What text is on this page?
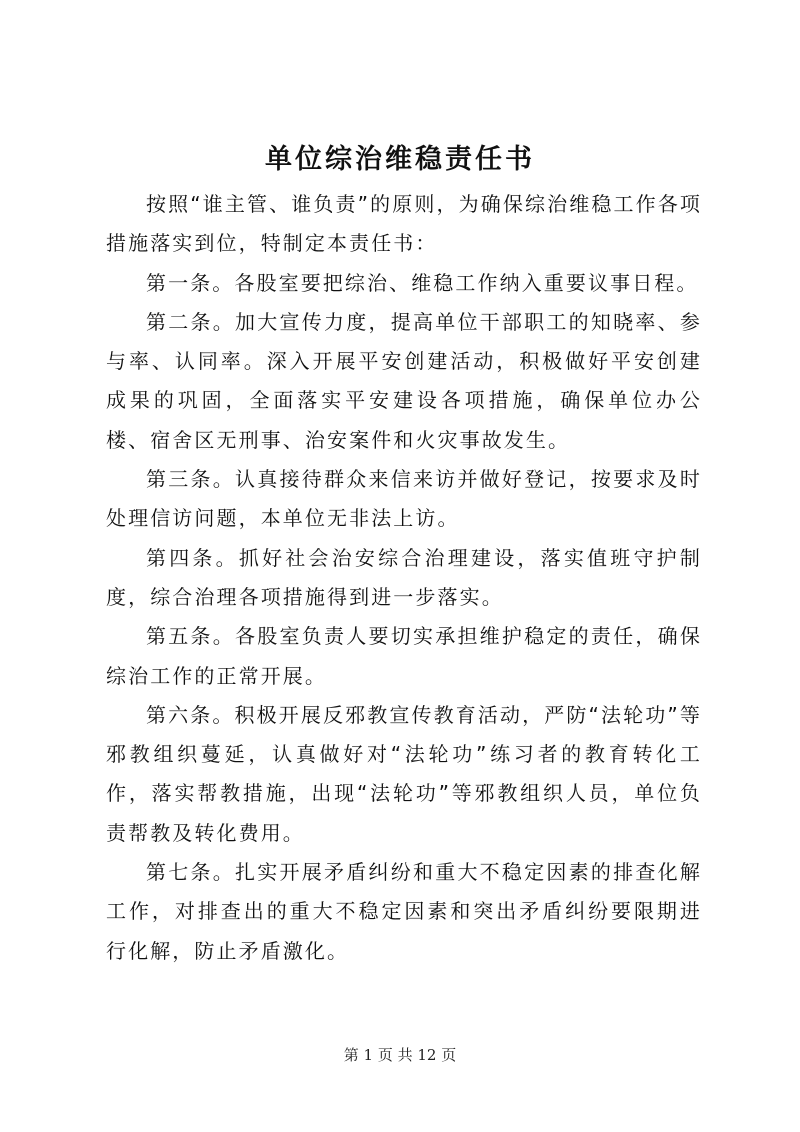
单位综治维稳责任书

按照“谁主管、谁负责”的原则，为确保综治维稳工作各项措施落实到位，特制定本责任书：

第一条。各股室要把综治、维稳工作纳入重要议事日程。

第二条。加大宣传力度，提高单位干部职工的知晓率、参与率、认同率。深入开展平安创建活动，积极做好平安创建成果的巩固，全面落实平安建设各项措施，确保单位办公楼、宿舍区无刑事、治安案件和火灾事故发生。

第三条。认真接待群众来信来访并做好登记，按要求及时处理信访问题，本单位无非法上访。

第四条。抓好社会治安综合治理建设，落实值班守护制度，综合治理各项措施得到进一步落实。

第五条。各股室负责人要切实承担维护稳定的责任，确保综治工作的正常开展。

第六条。积极开展反邪教宣传教育活动，严防“法轮功”等邪教组织蔓延，认真做好对“法轮功”练习者的教育转化工作，落实帮教措施，出现“法轮功”等邪教组织人员，单位负责帮教及转化费用。

第七条。扎实开展矛盾纠纷和重大不稳定因素的排查化解工作，对排查出的重大不稳定因素和突出矛盾纠纷要限期进行化解，防止矛盾激化。

第 1 页 共 12 页
